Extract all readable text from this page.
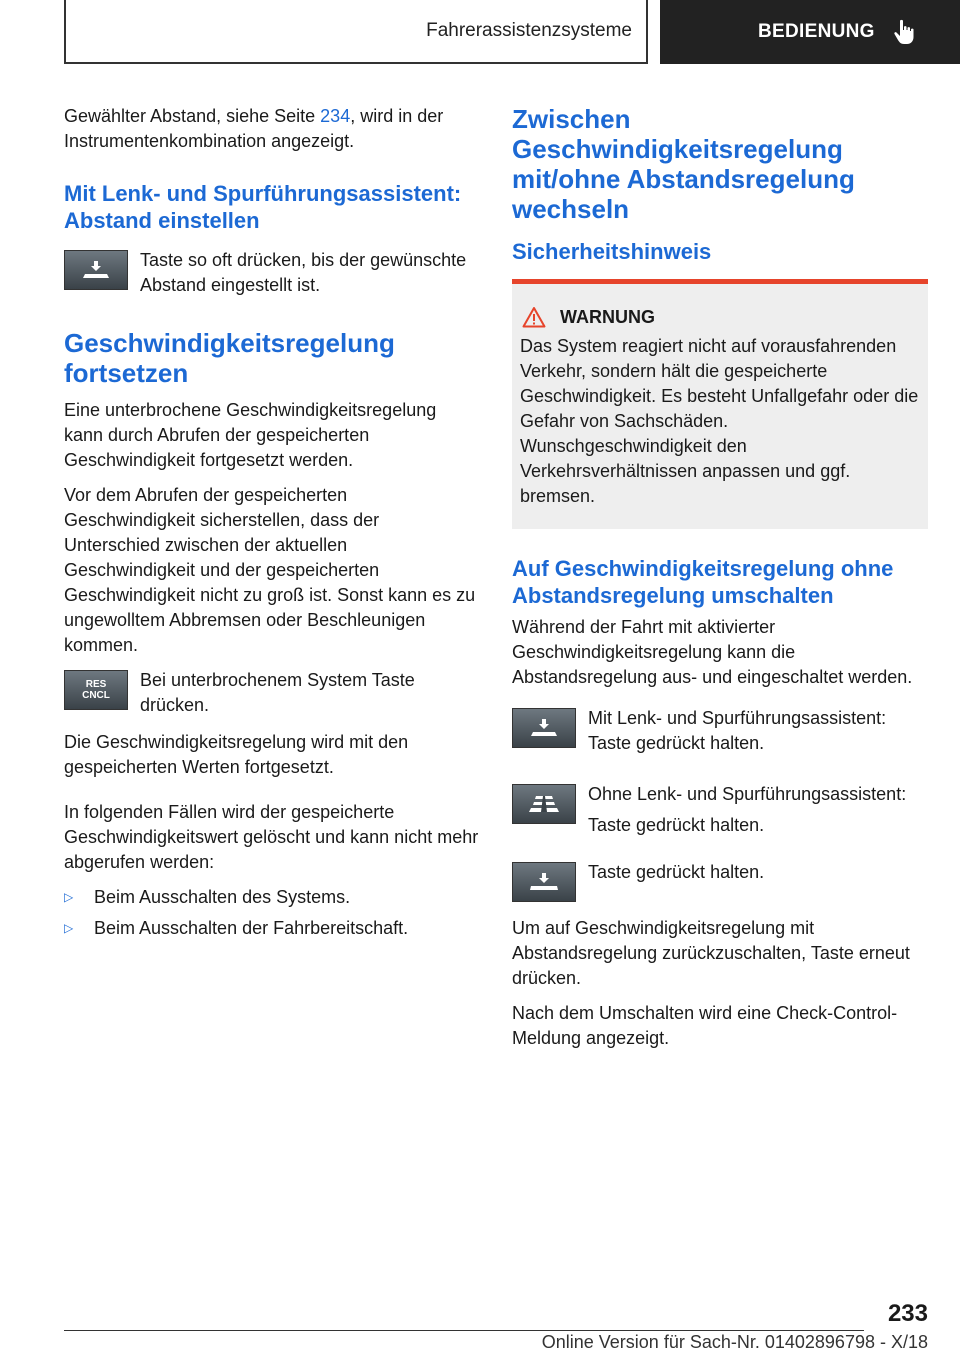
Fahrerassistenzsysteme	BEDIENUNG

Gewählter Abstand, siehe Seite 234, wird in der Instrumentenkombination angezeigt.

Mit Lenk- und Spurführungsassistent: Abstand einstellen

Taste so oft drücken, bis der gewünschte Abstand eingestellt ist.

Geschwindigkeitsregelung fortsetzen

Eine unterbrochene Geschwindigkeitsregelung kann durch Abrufen der gespeicherten Geschwindigkeit fortgesetzt werden.

Vor dem Abrufen der gespeicherten Geschwindigkeit sicherstellen, dass der Unterschied zwischen der aktuellen Geschwindigkeit und der gespeicherten Geschwindigkeit nicht zu groß ist. Sonst kann es zu ungewolltem Abbremsen oder Beschleunigen kommen.

RES
CNCL

Bei unterbrochenem System Taste drücken.

Die Geschwindigkeitsregelung wird mit den gespeicherten Werten fortgesetzt.

In folgenden Fällen wird der gespeicherte Geschwindigkeitswert gelöscht und kann nicht mehr abgerufen werden:

▷	Beim Ausschalten des Systems.
▷	Beim Ausschalten der Fahrbereitschaft.
Zwischen Geschwindigkeitsregelung mit/ohne Abstandsregelung wechseln
Sicherheitshinweis
WARNUNG

Das System reagiert nicht auf vorausfahrenden Verkehr, sondern hält die gespeicherte Geschwindigkeit. Es besteht Unfallgefahr oder die Gefahr von Sachschäden. Wunschgeschwindigkeit den Verkehrsverhältnissen anpassen und ggf. bremsen.

Auf Geschwindigkeitsregelung ohne Abstandsregelung umschalten

Während der Fahrt mit aktivierter Geschwindigkeitsregelung kann die Abstandsregelung aus- und eingeschaltet werden.

Mit Lenk- und Spurführungsassistent: Taste gedrückt halten.

Ohne Lenk- und Spurführungsassistent:

Taste gedrückt halten.

Taste gedrückt halten.

Um auf Geschwindigkeitsregelung mit Abstandsregelung zurückzuschalten, Taste erneut drücken.

Nach dem Umschalten wird eine Check-Control-Meldung angezeigt.

233
Online Version für Sach-Nr. 01402896798 - X/18
